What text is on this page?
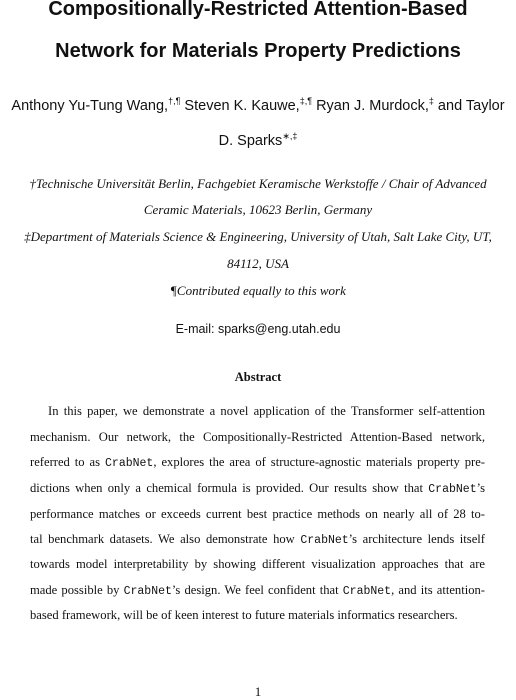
Compositionally-Restricted Attention-Based
Network for Materials Property Predictions
Anthony Yu-Tung Wang,†,¶ Steven K. Kauwe,‡,¶ Ryan J. Murdock,‡ and Taylor
D. Sparks∗,‡
†Technische Universität Berlin, Fachgebiet Keramische Werkstoffe / Chair of Advanced
Ceramic Materials, 10623 Berlin, Germany
‡Department of Materials Science & Engineering, University of Utah, Salt Lake City, UT,
84112, USA
¶Contributed equally to this work
E-mail: sparks@eng.utah.edu
Abstract
In this paper, we demonstrate a novel application of the Transformer self-attention
mechanism. Our network, the Compositionally-Restricted Attention-Based network,
referred to as CrabNet, explores the area of structure-agnostic materials property pre-
dictions when only a chemical formula is provided. Our results show that CrabNet’s
performance matches or exceeds current best practice methods on nearly all of 28 to-
tal benchmark datasets. We also demonstrate how CrabNet’s architecture lends itself
towards model interpretability by showing different visualization approaches that are
made possible by CrabNet’s design. We feel confident that CrabNet, and its attention-
based framework, will be of keen interest to future materials informatics researchers.
1
